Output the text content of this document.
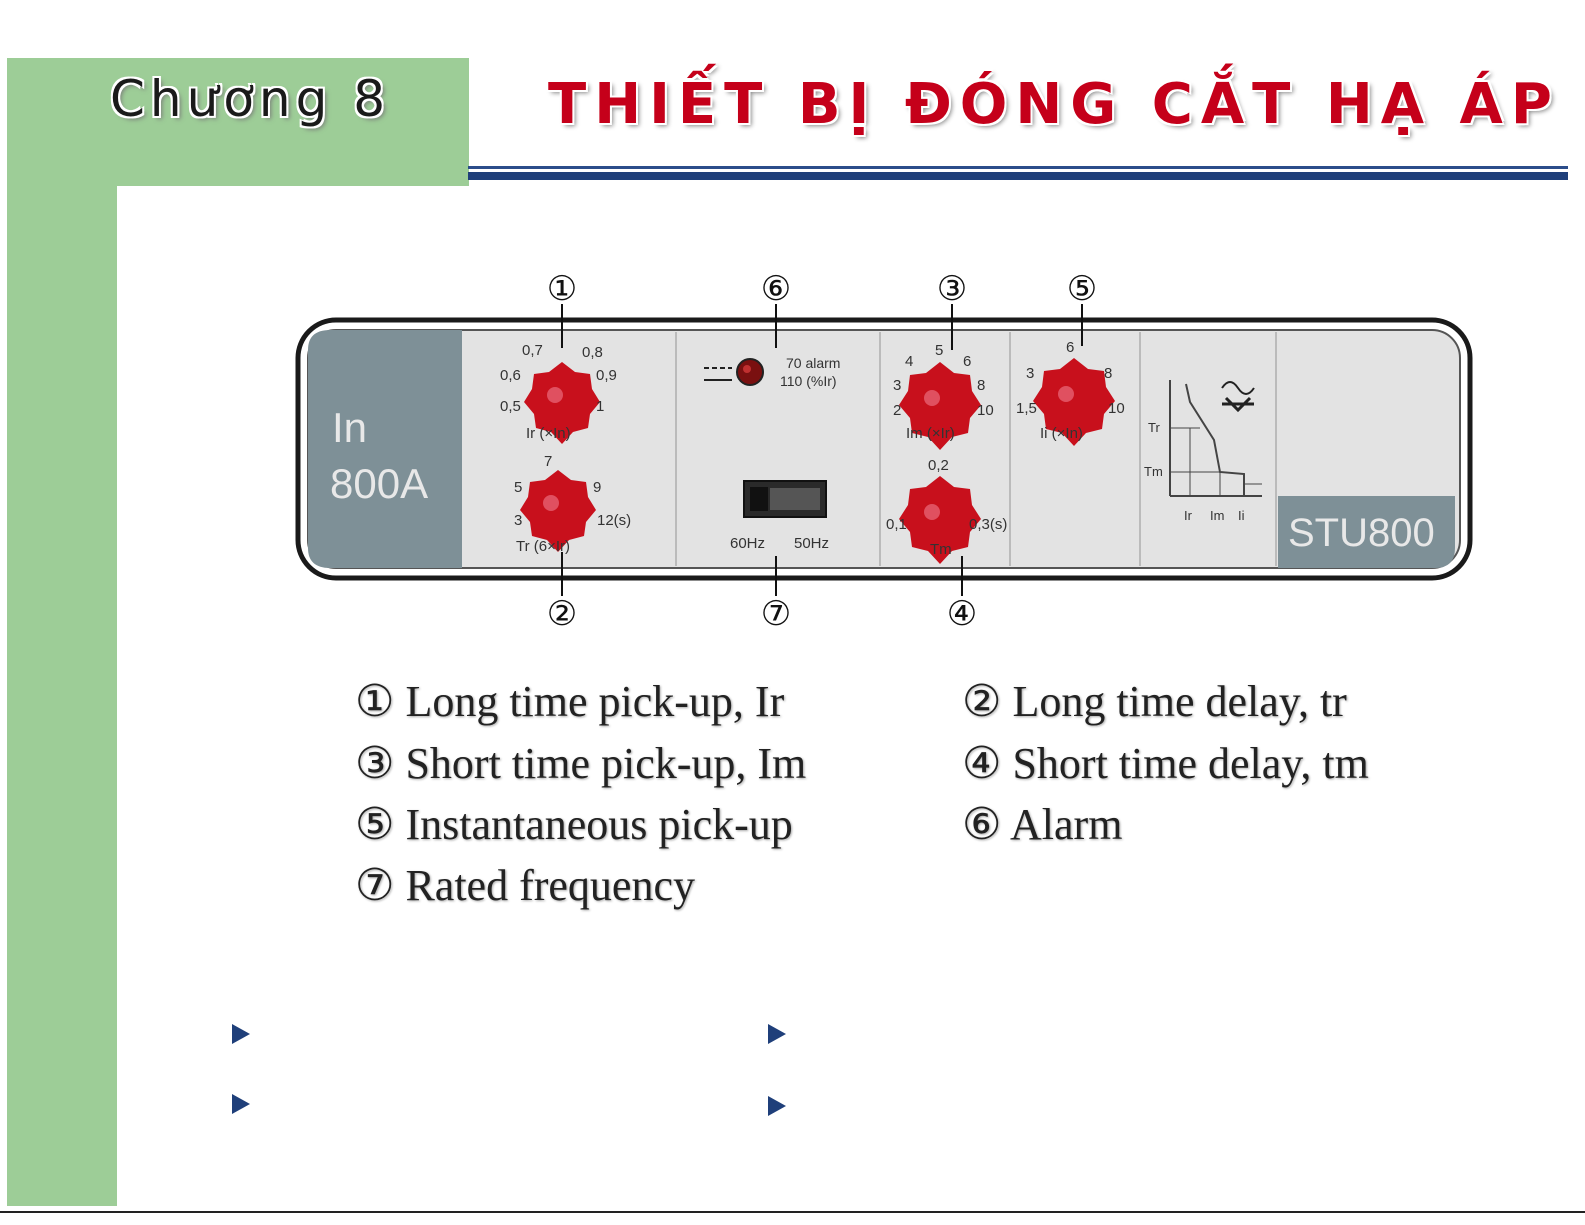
Chương 8	THIẾT BỊ ĐÓNG CẮT HẠ ÁP
In
800A
STU800
①
②
③
④
⑤
⑥
⑦
0,7	0,8
0,6	0,9
0,5	1
Ir (×In)
7
5	9
3	12(s)
Tr (6×Ir)
70 alarm
110 (%Ir)
60Hz 50Hz
5
4	6
3	8
2	10
Im (×Ir)
0,2
0,1	0,3(s)
Tm
6
3	8
1,5	10
Ii (×In)	Tr
Tm
Ir Im Ii
① Long time pick-up, Ir	② Long time delay, tr
③ Short time pick-up, Im	④ Short time delay, tm
⑤ Instantaneous pick-up	⑥ Alarm
⑦ Rated frequency
